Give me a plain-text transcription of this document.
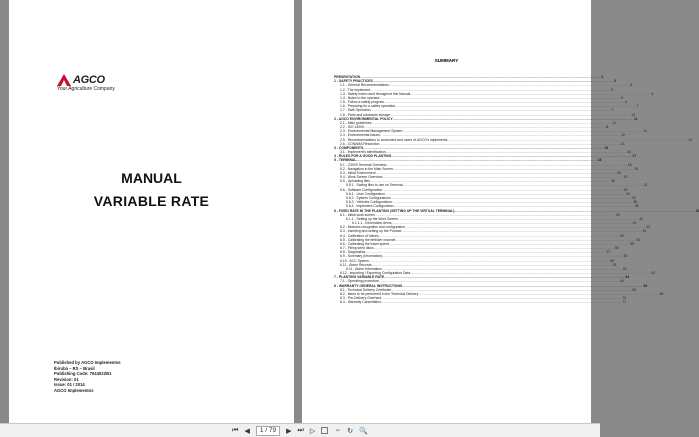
AGCO
Your Agriculture Company
MANUAL
VARIABLE RATE
Published by AGCO Implementos
Ibirubá – RS – Brasil
Publishing Code: 704402ZB1
Revision: 01
Issue: 01 / 2014
AGCO Implementos
SUMMARY
PRESENTATION .....	3
1 - SAFETY PRACTICES .....	5
1.1 - General Recommendations .....	5
1.2 - The implement .....	5
1.3 - Safety notes used throughout this Manual .....	6
1.4 - Notes to the operator .....	6
1.5 - Follow a safety program .....	6
1.6 - Preparing for a safety operation .....	7
1.7 - Safe Operation .....	7
1.8 - Parts and lubricants storage .....	10
2 - AGCO ENVIRONMENTAL POLICY .....	11
2.1 - Main guidelines .....	11
2.2 - ISO 14000 .....	11
2.3 - Environmental Management System .....	11
2.4 - Environmental issues .....	12
2.5 - Recommendations to customers and users of AGCO's implements .....	12
2.6 - CONAMA Resolution .....	13
3 - COMPONENTS .....	15
3.1 - Implement's identification .....	16
4 - RULES FOR A GOOD PLANTING .....	17
5 - TERMINAL .....	18
5.1 - C3000 Terminal Overview .....	18
5.2 - Navigation in the Main Screen .....	19
5.3 - Initial Environment .....	20
5.4 - Work Screen Overview .....	20
5.5 - Uploading files .....	30
5.5.1 - Saving files to use on Terminal .....	31
5.6 - Software Configuration .....	33
5.6.1 - User Configuration .....	33
5.6.2 - System Configurations .....	34
5.6.3 - Vehicles Configurations .....	36
5.6.4 - Implement Configuration .....	38
6 - FIXED RATE IN THE PLANTING (SETTING UP THE VIRTUAL TERMINAL) .....	40
6.1 - Initial work screen .....	40
6.1.1 - Setting up the Work Screen .....	40
6.1.1.1 - Information items .....	41
6.2 - Modules recognition and configuration .....	43
6.3 - Inserting and setting up the Product .....	44
6.4 - Calibration of Valves .....	49
6.5 - Calibrating the fertilizer channel .....	51
6.6 - Calibrating the travel speed .....	55
6.7 - Filling seed discs .....	56
6.8 - Diagnostics .....	57
6.9 - Summary (Information) .....	59
6.10 - ACC System .....	59
6.11 - Alarm Records .....	61
6.11 - Alarm Information .....	61
6.12 - Importing / Exporting Configuration Data .....	62
7 - PLANTING VARIABLE RATE .....	64
7.1 - Operating procedure .....	64
8 - WARRANTY GENERAL INSTRUCTIONS .....	69
8.1 - Technical Delivery Certificate .....	69
8.2 - Items to be performed in the Technical Delivery .....	69
8.3 - Pre-Delivery Overhaul .....	70
8.4 - Warranty Cancellation .....	71
⏮ ◀	1 / 79	▶ ⏭ ▷	⇔ ↻ 🔍
